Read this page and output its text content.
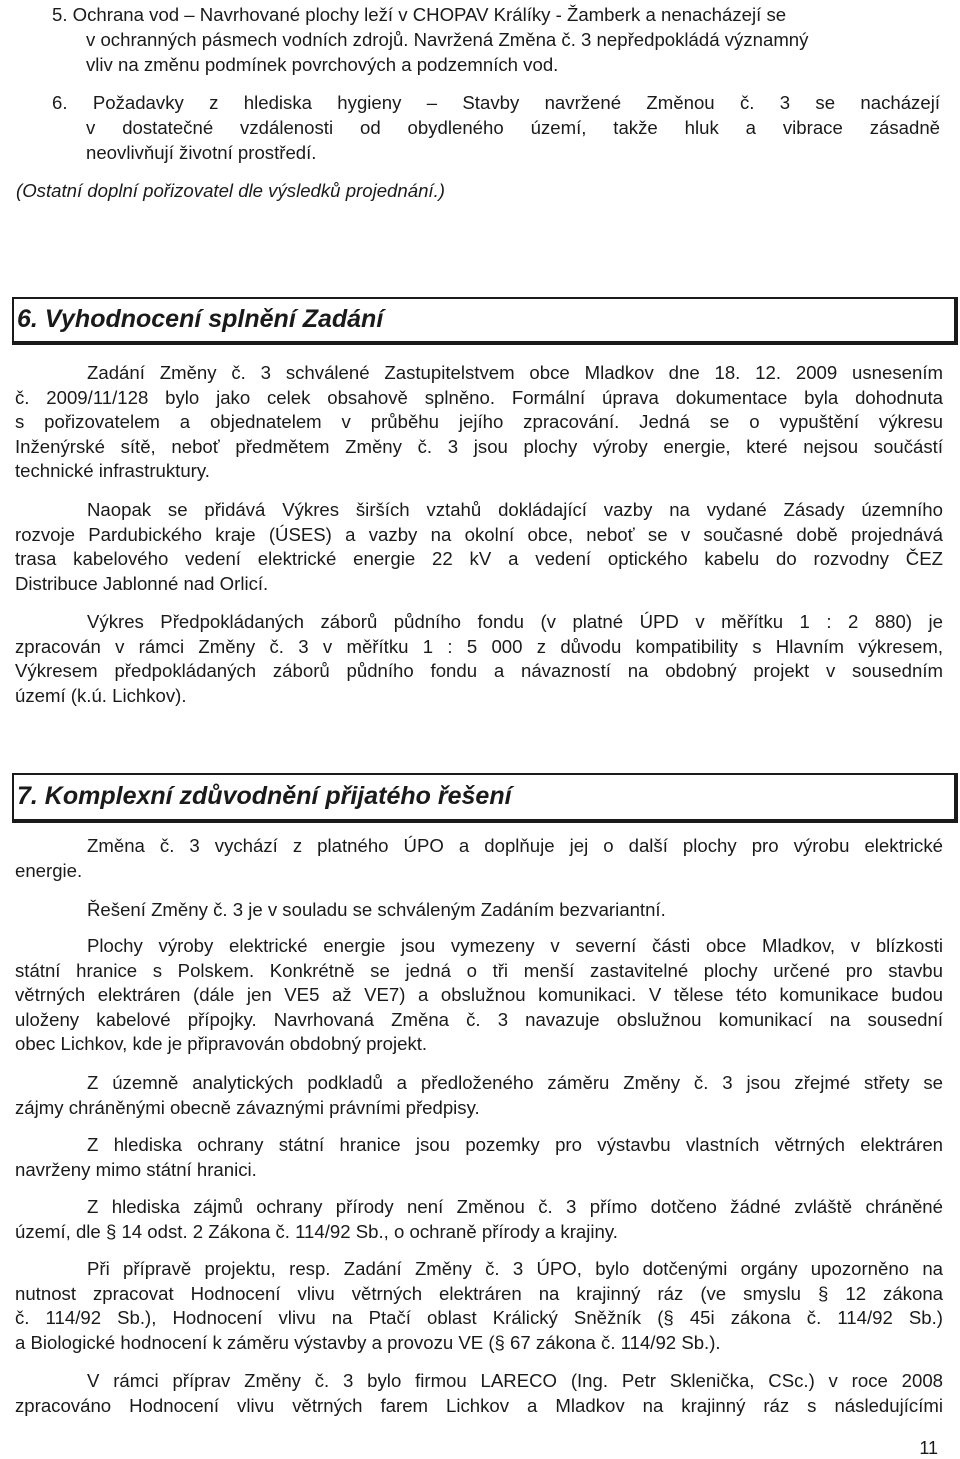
5. Ochrana vod – Navrhované plochy leží v CHOPAV Králíky - Žamberk a nenacházejí se
v ochranných pásmech vodních zdrojů. Navržená Změna č. 3 nepředpokládá významný
vliv na změnu podmínek povrchových a podzemních vod.
6. Požadavky z hlediska hygieny – Stavby navržené Změnou č. 3 se nacházejí
v dostatečné vzdálenosti od obydleného území, takže hluk a vibrace zásadně
neovlivňují životní prostředí.
(Ostatní doplní pořizovatel dle výsledků projednání.)
6. Vyhodnocení splnění Zadání
Zadání Změny č. 3 schválené Zastupitelstvem obce Mladkov dne 18. 12. 2009 usnesením
č. 2009/11/128 bylo jako celek obsahově splněno. Formální úprava dokumentace byla dohodnuta
s pořizovatelem a objednatelem v průběhu jejího zpracování. Jedná se o vypuštění výkresu
Inženýrské sítě, neboť předmětem Změny č. 3 jsou plochy výroby energie, které nejsou součástí
technické infrastruktury.
Naopak se přidává Výkres širších vztahů dokládající vazby na vydané Zásady územního
rozvoje Pardubického kraje (ÚSES) a vazby na okolní obce, neboť se v současné době projednává
trasa kabelového vedení elektrické energie 22 kV a vedení optického kabelu do rozvodny ČEZ
Distribuce Jablonné nad Orlicí.
Výkres Předpokládaných záborů půdního fondu (v platné ÚPD v měřítku 1 : 2 880) je
zpracován v rámci Změny č. 3 v měřítku 1 : 5 000 z důvodu kompatibility s Hlavním výkresem,
Výkresem předpokládaných záborů půdního fondu a návazností na obdobný projekt v sousedním
území (k.ú. Lichkov).
7. Komplexní zdůvodnění přijatého řešení
Změna č. 3 vychází z platného ÚPO a doplňuje jej o další plochy pro výrobu elektrické
energie.
Řešení Změny č. 3 je v souladu se schváleným Zadáním bezvariantní.
Plochy výroby elektrické energie jsou vymezeny v severní části obce Mladkov, v blízkosti
státní hranice s Polskem. Konkrétně se jedná o tři menší zastavitelné plochy určené pro stavbu
větrných elektráren (dále jen VE5 až VE7) a obslužnou komunikaci. V tělese této komunikace budou
uloženy kabelové přípojky. Navrhovaná Změna č. 3 navazuje obslužnou komunikací na sousední
obec Lichkov, kde je připravován obdobný projekt.
Z územně analytických podkladů a předloženého záměru Změny č. 3 jsou zřejmé střety se
zájmy chráněnými obecně závaznými právními předpisy.
Z hlediska ochrany státní hranice jsou pozemky pro výstavbu vlastních větrných elektráren
navrženy mimo státní hranici.
Z hlediska zájmů ochrany přírody není Změnou č. 3 přímo dotčeno žádné zvláště chráněné
území, dle § 14 odst. 2 Zákona č. 114/92 Sb., o ochraně přírody a krajiny.
Při přípravě projektu, resp. Zadání Změny č. 3 ÚPO, bylo dotčenými orgány upozorněno na
nutnost zpracovat Hodnocení vlivu větrných elektráren na krajinný ráz (ve smyslu § 12 zákona
č. 114/92 Sb.), Hodnocení vlivu na Ptačí oblast Králický Sněžník (§ 45i zákona č. 114/92 Sb.)
a Biologické hodnocení k záměru výstavby a provozu VE (§ 67 zákona č. 114/92 Sb.).
V rámci příprav Změny č. 3 bylo firmou LARECO (Ing. Petr Sklenička, CSc.) v roce 2008
zpracováno Hodnocení vlivu větrných farem Lichkov a Mladkov na krajinný ráz s následujícími
11
